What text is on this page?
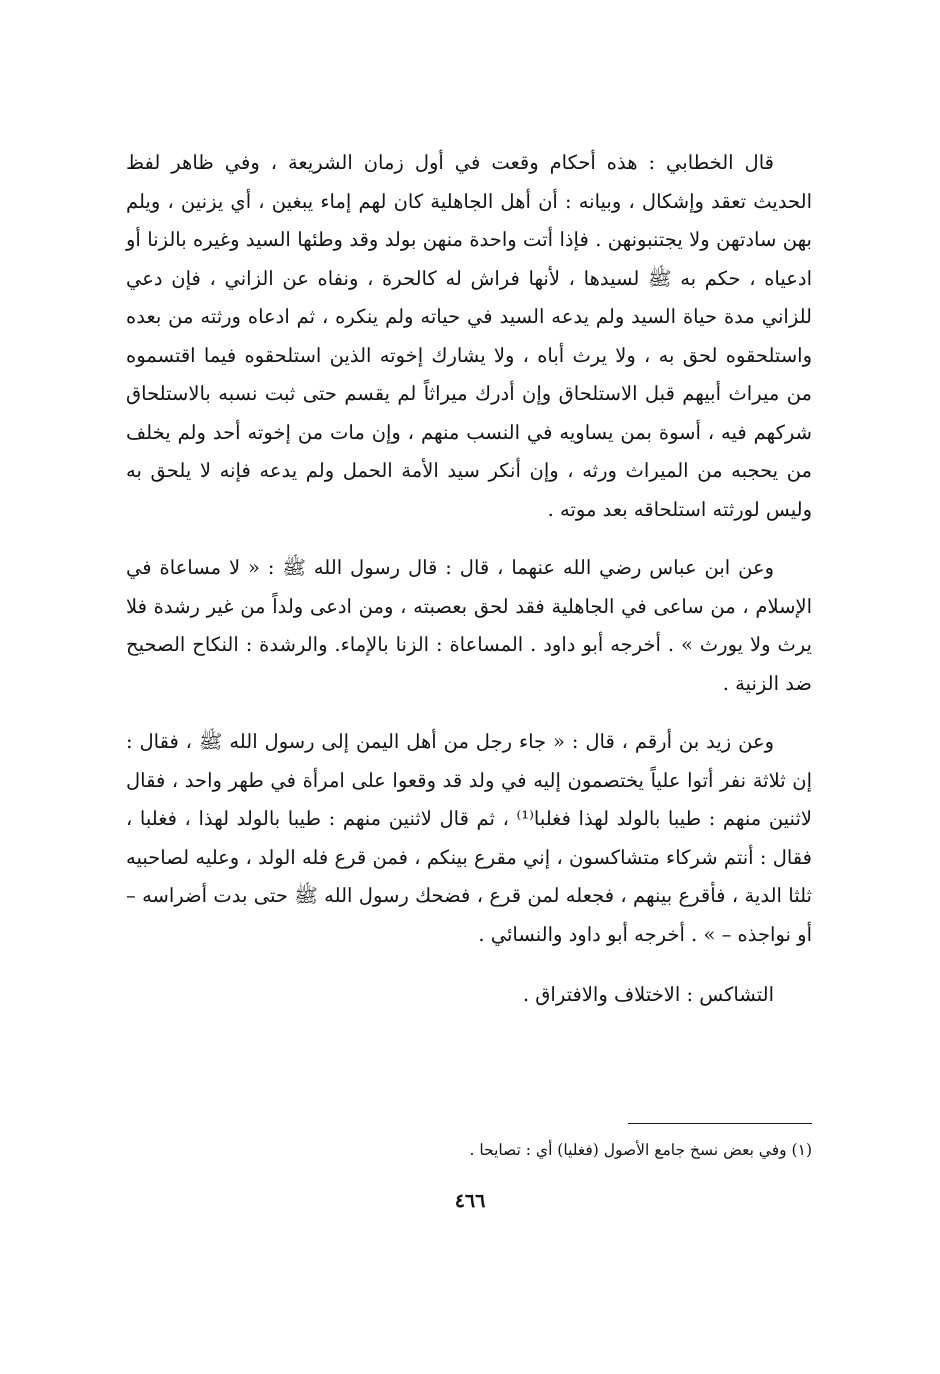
قال الخطابي : هذه أحكام وقعت في أول زمان الشريعة ، وفي ظاهر لفظ الحديث تعقد وإشكال ، وبيانه : أن أهل الجاهلية كان لهم إماء يبغين ، أي يزنين ، ويلم بهن سادتهن ولا يجتنبونهن . فإذا أتت واحدة منهن بولد وقد وطئها السيد وغيره بالزنا أو ادعياه ، حكم به ﷺ لسيدها ، لأنها فراش له كالحرة ، ونفاه عن الزاني ، فإن دعي للزاني مدة حياة السيد ولم يدعه السيد في حياته ولم ينكره ، ثم ادعاه ورثته من بعده واستلحقوه لحق به ، ولا يرث أباه ، ولا يشارك إخوته الذين استلحقوه فيما اقتسموه من ميراث أبيهم قبل الاستلحاق وإن أدرك ميراثاً لم يقسم حتى ثبت نسبه بالاستلحاق شركهم فيه ، أسوة بمن يساويه في النسب منهم ، وإن مات من إخوته أحد ولم يخلف من يحجبه من الميراث ورثه ، وإن أنكر سيد الأمة الحمل ولم يدعه فإنه لا يلحق به وليس لورثته استلحاقه بعد موته .

وعن ابن عباس رضي الله عنهما ، قال : قال رسول الله ﷺ : « لا مساعاة في الإسلام ، من ساعى في الجاهلية فقد لحق بعصبته ، ومن ادعى ولداً من غير رشدة فلا يرث ولا يورث » . أخرجه أبو داود . المساعاة : الزنا بالإماء. والرشدة : النكاح الصحيح ضد الزنية .

وعن زيد بن أرقم ، قال : « جاء رجل من أهل اليمن إلى رسول الله ﷺ ، فقال : إن ثلاثة نفر أتوا علياً يختصمون إليه في ولد قد وقعوا على امرأة في طهر واحد ، فقال لاثنين منهم : طيبا بالولد لهذا فغلبا⁽¹⁾ ، ثم قال لاثنين منهم : طيبا بالولد لهذا ، فغلبا ، فقال : أنتم شركاء متشاكسون ، إني مقرع بينكم ، فمن قرع فله الولد ، وعليه لصاحبيه ثلثا الدية ، فأقرع بينهم ، فجعله لمن قرع ، فضحك رسول الله ﷺ حتى بدت أضراسه – أو نواجذه – » . أخرجه أبو داود والنسائي .

التشاكس : الاختلاف والافتراق .

(١) وفي بعض نسخ جامع الأصول (فغليا) أي : تصايحا .
٤٦٦
